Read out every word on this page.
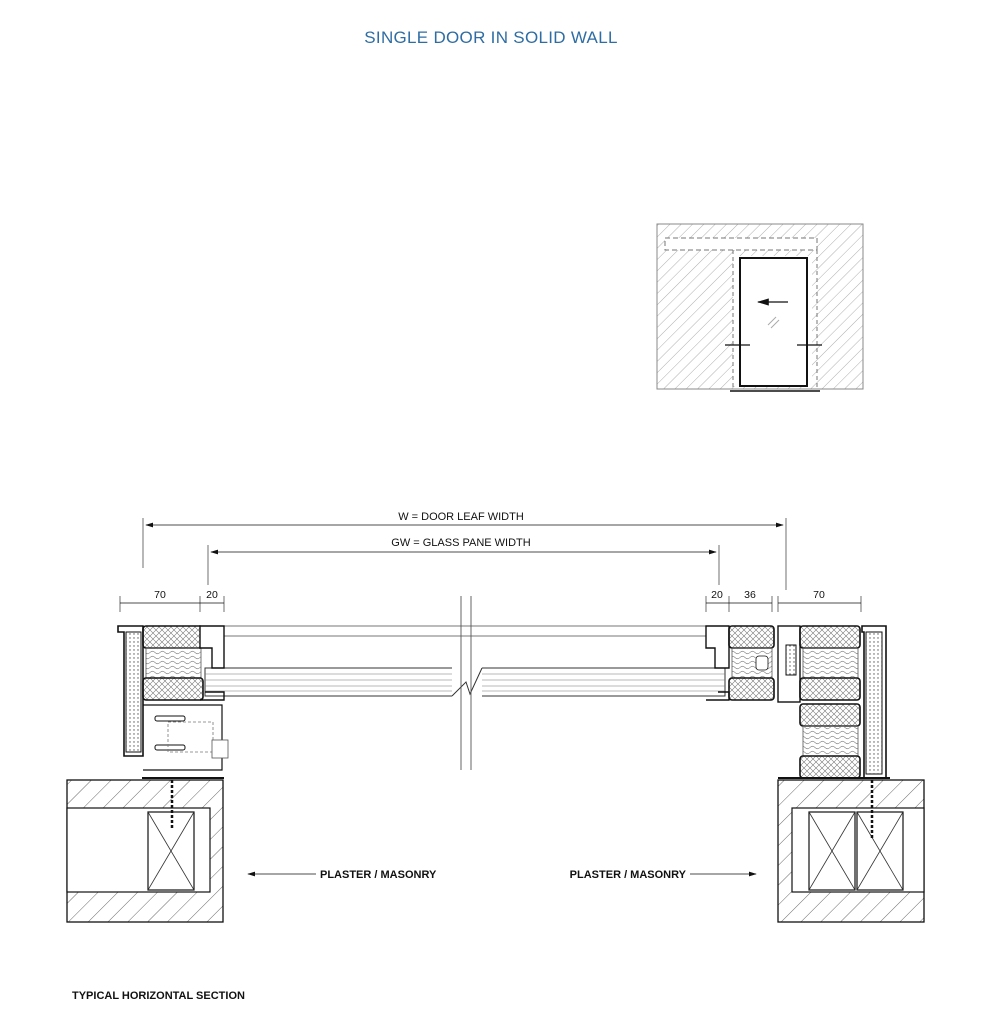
SINGLE DOOR IN SOLID WALL
W = DOOR LEAF WIDTH
GW = GLASS PANE WIDTH
70	20	20 36	70
PLASTER / MASONRY	PLASTER / MASONRY
TYPICAL HORIZONTAL SECTION
